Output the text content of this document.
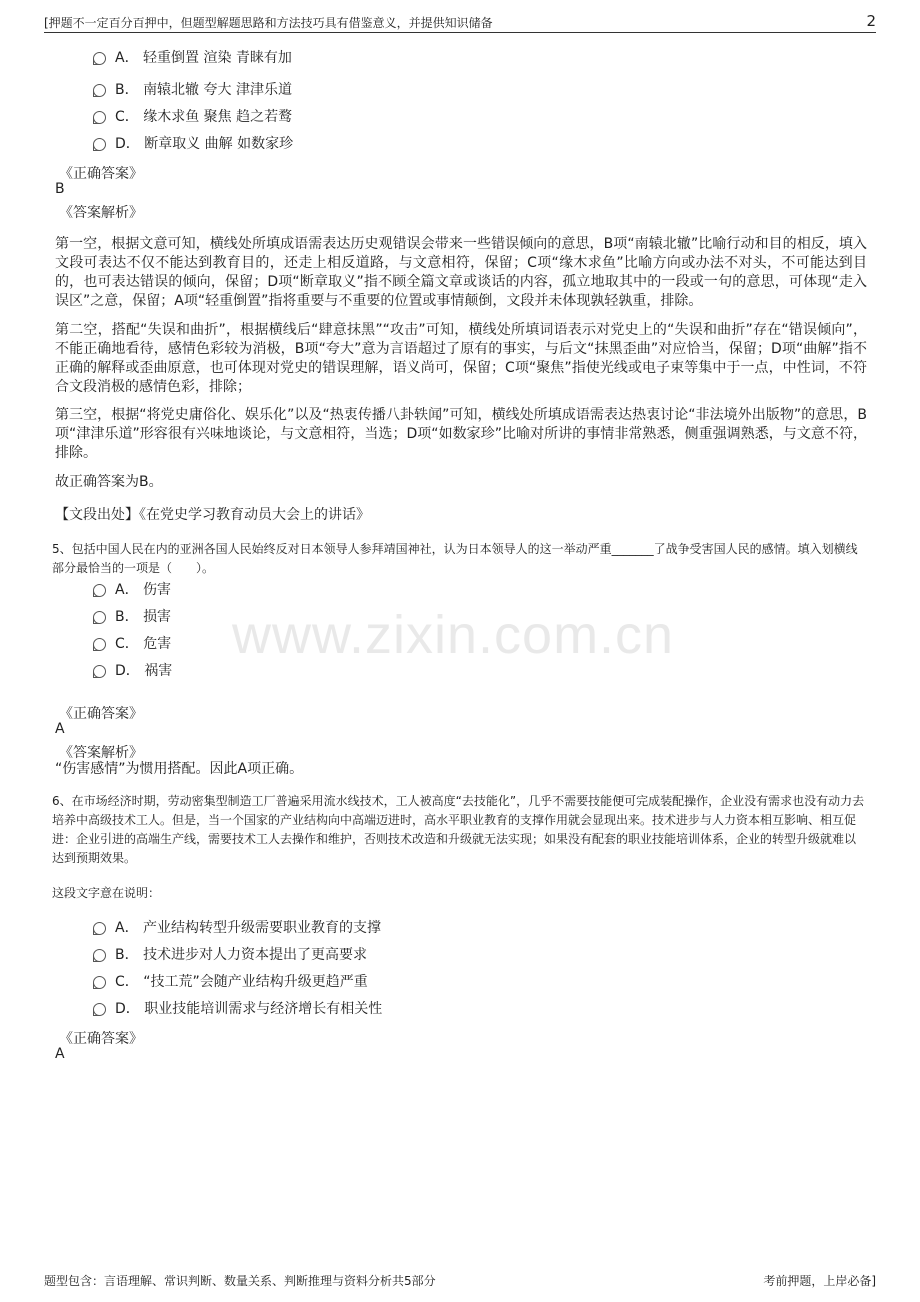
[押题不一定百分百押中，但题型解题思路和方法技巧具有借鉴意义，并提供知识储备	2
A． 轻重倒置 渲染 青睐有加
B． 南辕北辙 夸大 津津乐道
C． 缘木求鱼 聚焦 趋之若鹜
D． 断章取义 曲解 如数家珍
《正确答案》
B
《答案解析》
第一空，根据文意可知，横线处所填成语需表达历史观错误会带来一些错误倾向的意思，B项“南辕北辙”比喻行动和目的相反，填入文段可表达不仅不能达到教育目的，还走上相反道路，与文意相符，保留；C项“缘木求鱼”比喻方向或办法不对头，不可能达到目的，也可表达错误的倾向，保留；D项“断章取义”指不顾全篇文章或谈话的内容，孤立地取其中的一段或一句的意思，可体现“走入误区”之意，保留；A项“轻重倒置”指将重要与不重要的位置或事情颠倒，文段并未体现孰轻孰重，排除。
第二空，搭配“失误和曲折”，根据横线后“肆意抹黑”“攻击”可知，横线处所填词语表示对党史上的“失误和曲折”存在“错误倾向”，不能正确地看待，感情色彩较为消极，B项“夸大”意为言语超过了原有的事实，与后文“抹黑歪曲”对应恰当，保留；D项“曲解”指不正确的解释或歪曲原意，也可体现对党史的错误理解，语义尚可，保留；C项“聚焦”指使光线或电子束等集中于一点，中性词，不符合文段消极的感情色彩，排除；
第三空，根据“将党史庸俗化、娱乐化”以及“热衷传播八卦轶闻”可知，横线处所填成语需表达热衷讨论“非法境外出版物”的意思，B项“津津乐道”形容很有兴味地谈论，与文意相符，当选；D项“如数家珍”比喻对所讲的事情非常熟悉，侧重强调熟悉，与文意不符，排除。
故正确答案为B。
【文段出处】《在党史学习教育动员大会上的讲话》
5、包括中国人民在内的亚洲各国人民始终反对日本领导人参拜靖国神社，认为日本领导人的这一举动严重_______了战争受害国人民的感情。填入划横线部分最恰当的一项是（　　）。
A． 伤害
B． 损害
C． 危害
D． 祸害
《正确答案》
A
《答案解析》
“伤害感情”为惯用搭配。因此A项正确。
6、在市场经济时期，劳动密集型制造工厂普遍采用流水线技术，工人被高度“去技能化”，几乎不需要技能便可完成装配操作，企业没有需求也没有动力去培养中高级技术工人。但是，当一个国家的产业结构向中高端迈进时，高水平职业教育的支撑作用就会显现出来。技术进步与人力资本相互影响、相互促进：企业引进的高端生产线，需要技术工人去操作和维护，否则技术改造和升级就无法实现；如果没有配套的职业技能培训体系，企业的转型升级就难以达到预期效果。
这段文字意在说明：
A． 产业结构转型升级需要职业教育的支撑
B． 技术进步对人力资本提出了更高要求
C． “技工荒”会随产业结构升级更趋严重
D． 职业技能培训需求与经济增长有相关性
《正确答案》
A
www.zixin.com.cn
题型包含：言语理解、常识判断、数量关系、判断推理与资料分析共5部分	考前押题，上岸必备]
